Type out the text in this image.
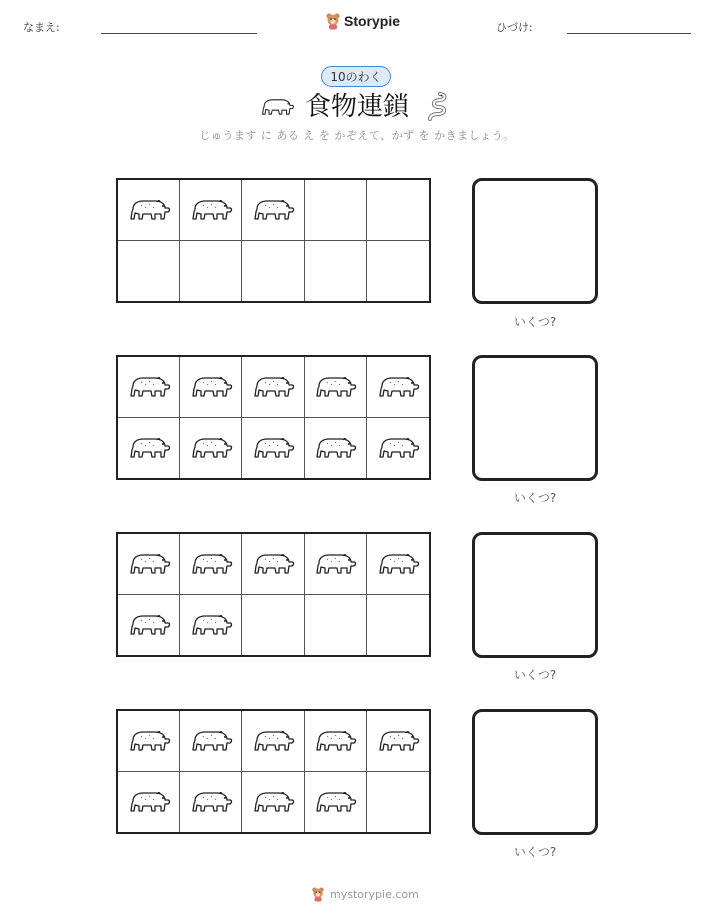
なまえ:	Storypie	ひづけ:
10のわく
食物連鎖
じゅうます に ある え を かぞえて、かず を かきましょう。
いくつ?
いくつ?
いくつ?
いくつ?
mystorypie.com
